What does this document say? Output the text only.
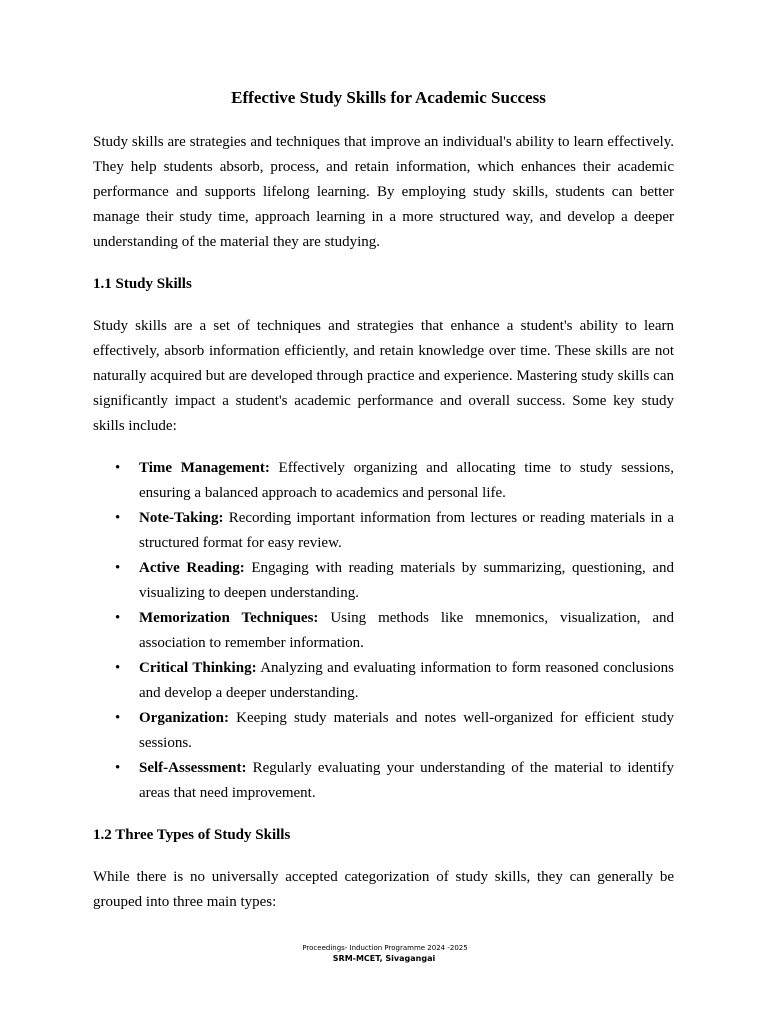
Effective Study Skills for Academic Success

Study skills are strategies and techniques that improve an individual's ability to learn effectively. They help students absorb, process, and retain information, which enhances their academic performance and supports lifelong learning. By employing study skills, students can better manage their study time, approach learning in a more structured way, and develop a deeper understanding of the material they are studying.

1.1 Study Skills

Study skills are a set of techniques and strategies that enhance a student's ability to learn effectively, absorb information efficiently, and retain knowledge over time. These skills are not naturally acquired but are developed through practice and experience. Mastering study skills can significantly impact a student's academic performance and overall success. Some key study skills include:

• Time Management: Effectively organizing and allocating time to study sessions, ensuring a balanced approach to academics and personal life.
• Note-Taking: Recording important information from lectures or reading materials in a structured format for easy review.
• Active Reading: Engaging with reading materials by summarizing, questioning, and visualizing to deepen understanding.
• Memorization Techniques: Using methods like mnemonics, visualization, and association to remember information.
• Critical Thinking: Analyzing and evaluating information to form reasoned conclusions and develop a deeper understanding.
• Organization: Keeping study materials and notes well-organized for efficient study sessions.
• Self-Assessment: Regularly evaluating your understanding of the material to identify areas that need improvement.
1.2 Three Types of Study Skills

While there is no universally accepted categorization of study skills, they can generally be grouped into three main types:

Proceedings- Induction Programme 2024 -2025
SRM-MCET, Sivagangai
